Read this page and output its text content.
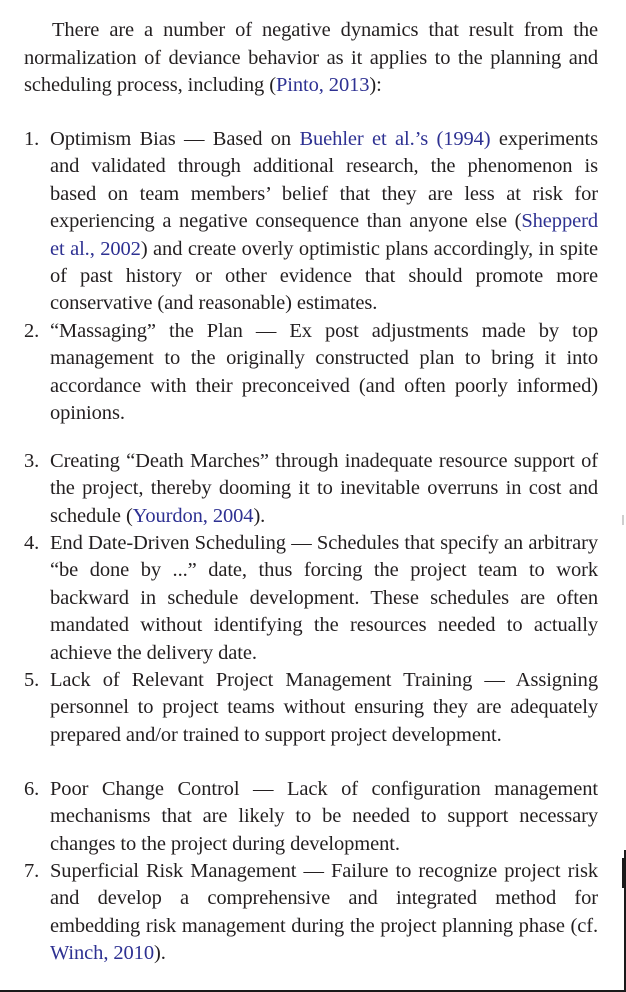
There are a number of negative dynamics that result from the normalization of deviance behavior as it applies to the planning and scheduling process, including (Pinto, 2013):

1. Optimism Bias — Based on Buehler et al.’s (1994) experiments and validated through additional research, the phenomenon is based on team members’ belief that they are less at risk for experiencing a negative consequence than anyone else (Shepperd et al., 2002) and create overly optimistic plans accordingly, in spite of past history or other evidence that should promote more conservative (and reasonable) estimates.
2. “Massaging” the Plan — Ex post adjustments made by top management to the originally constructed plan to bring it into accordance with their preconceived (and often poorly informed) opinions.
3. Creating “Death Marches” through inadequate resource support of the project, thereby dooming it to inevitable overruns in cost and schedule (Yourdon, 2004).
4. End Date-Driven Scheduling — Schedules that specify an arbitrary “be done by ...” date, thus forcing the project team to work backward in schedule development. These schedules are often mandated without identifying the resources needed to actually achieve the delivery date.
5. Lack of Relevant Project Management Training — Assigning personnel to project teams without ensuring they are adequately prepared and/or trained to support project development.
6. Poor Change Control — Lack of configuration management mechanisms that are likely to be needed to support necessary changes to the project during development.
7. Superficial Risk Management — Failure to recognize project risk and develop a comprehensive and integrated method for embedding risk management during the project planning phase (cf. Winch, 2010).
